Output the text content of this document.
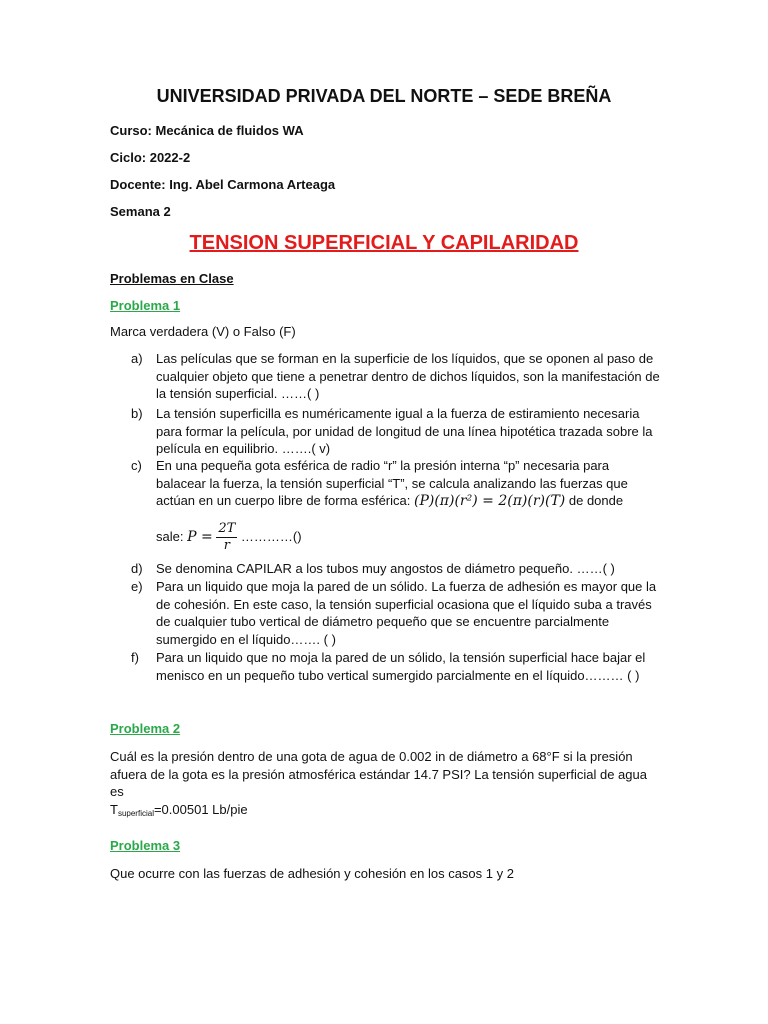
UNIVERSIDAD PRIVADA DEL NORTE – SEDE BREÑA
Curso: Mecánica de fluidos WA
Ciclo: 2022-2
Docente: Ing. Abel Carmona Arteaga
Semana 2
TENSION SUPERFICIAL Y CAPILARIDAD
Problemas en Clase
Problema 1
Marca verdadera (V) o Falso (F)
a) Las películas que se forman en la superficie de los líquidos, que se oponen al paso de cualquier objeto que tiene a penetrar dentro de dichos líquidos, son la manifestación de la tensión superficial. ……( )
b) La tensión superficilla es numéricamente igual a la fuerza de estiramiento necesaria para formar la película, por unidad de longitud de una línea hipotética trazada sobre la película en equilibrio. …….( v)
c) En una pequeña gota esférica de radio “r” la presión interna “p” necesaria para balacear la fuerza, la tensión superficial “T”, se calcula analizando las fuerzas que actúan en un cuerpo libre de forma esférica: (P)(π)(r²) = 2(π)(r)(T) de donde
sale: $P = \frac{2T}{r}$ …………()
d) Se denomina CAPILAR a los tubos muy angostos de diámetro pequeño. ……( )
e) Para un liquido que moja la pared de un sólido. La fuerza de adhesión es mayor que la de cohesión. En este caso, la tensión superficial ocasiona que el líquido suba a través de cualquier tubo vertical de diámetro pequeño que se encuentre parcialmente sumergido en el líquido……. ( )
f) Para un liquido que no moja la pared de un sólido, la tensión superficial hace bajar el menisco en un pequeño tubo vertical sumergido parcialmente en el líquido……… ( )
Problema 2
Cuál es la presión dentro de una gota de agua de 0.002 in de diámetro a 68°F si la presión afuera de la gota es la presión atmosférica estándar 14.7 PSI? La tensión superficial de agua es
$T_{superficial}=0.00501$ Lb/pie
Problema 3
Que ocurre con las fuerzas de adhesión y cohesión en los casos 1 y 2
